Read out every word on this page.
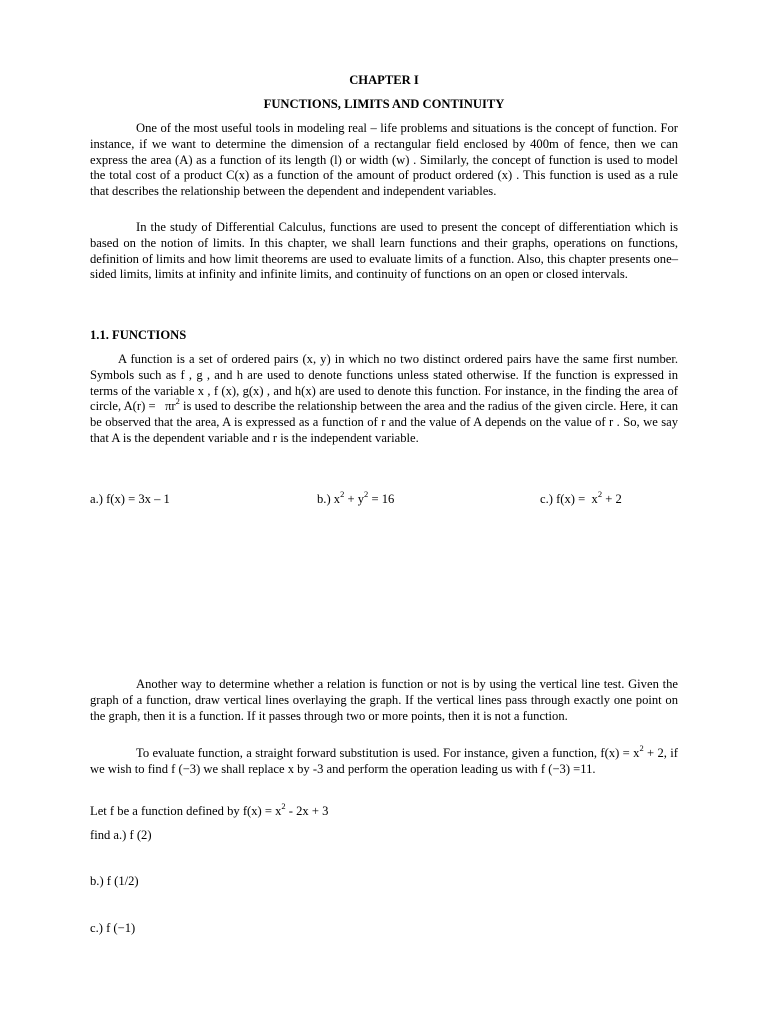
CHAPTER I
FUNCTIONS, LIMITS AND CONTINUITY

One of the most useful tools in modeling real – life problems and situations is the concept of function. For instance, if we want to determine the dimension of a rectangular field enclosed by 400m of fence, then we can express the area (A) as a function of its length (l) or width (w) . Similarly, the concept of function is used to model the total cost of a product C(x) as a function of the amount of product ordered (x) . This function is used as a rule that describes the relationship between the dependent and independent variables.

In the study of Differential Calculus, functions are used to present the concept of differentiation which is based on the notion of limits. In this chapter, we shall learn functions and their graphs, operations on functions, definition of limits and how limit theorems are used to evaluate limits of a function. Also, this chapter presents one–sided limits, limits at infinity and infinite limits, and continuity of functions on an open or closed intervals.

1.1. FUNCTIONS

A function is a set of ordered pairs (x, y) in which no two distinct ordered pairs have the same first number. Symbols such as f , g , and h are used to denote functions unless stated otherwise. If the function is expressed in terms of the variable x , f (x), g(x) , and h(x) are used to denote this function. For instance, in the finding the area of circle, $A(r) = \pi r^2$ is used to describe the relationship between the area and the radius of the given circle. Here, it can be observed that the area, A is expressed as a function of r and the value of A depends on the value of r . So, we say that A is the dependent variable and r is the independent variable.

a.) f(x) = 3x – 1	b.) $x^2 + y^2 = 16$	c.) $f(x) = x^2 + 2$

Another way to determine whether a relation is function or not is by using the vertical line test. Given the graph of a function, draw vertical lines overlaying the graph. If the vertical lines pass through exactly one point on the graph, then it is a function. If it passes through two or more points, then it is not a function.

To evaluate function, a straight forward substitution is used. For instance, given a function, $f(x) = x^2 + 2$, if we wish to find f (−3) we shall replace x by -3 and perform the operation leading us with f (−3) =11.

Let f be a function defined by $f(x) = x^2 - 2x + 3$

find a.) f (2)

b.) f (1/2)

c.) f (−1)
